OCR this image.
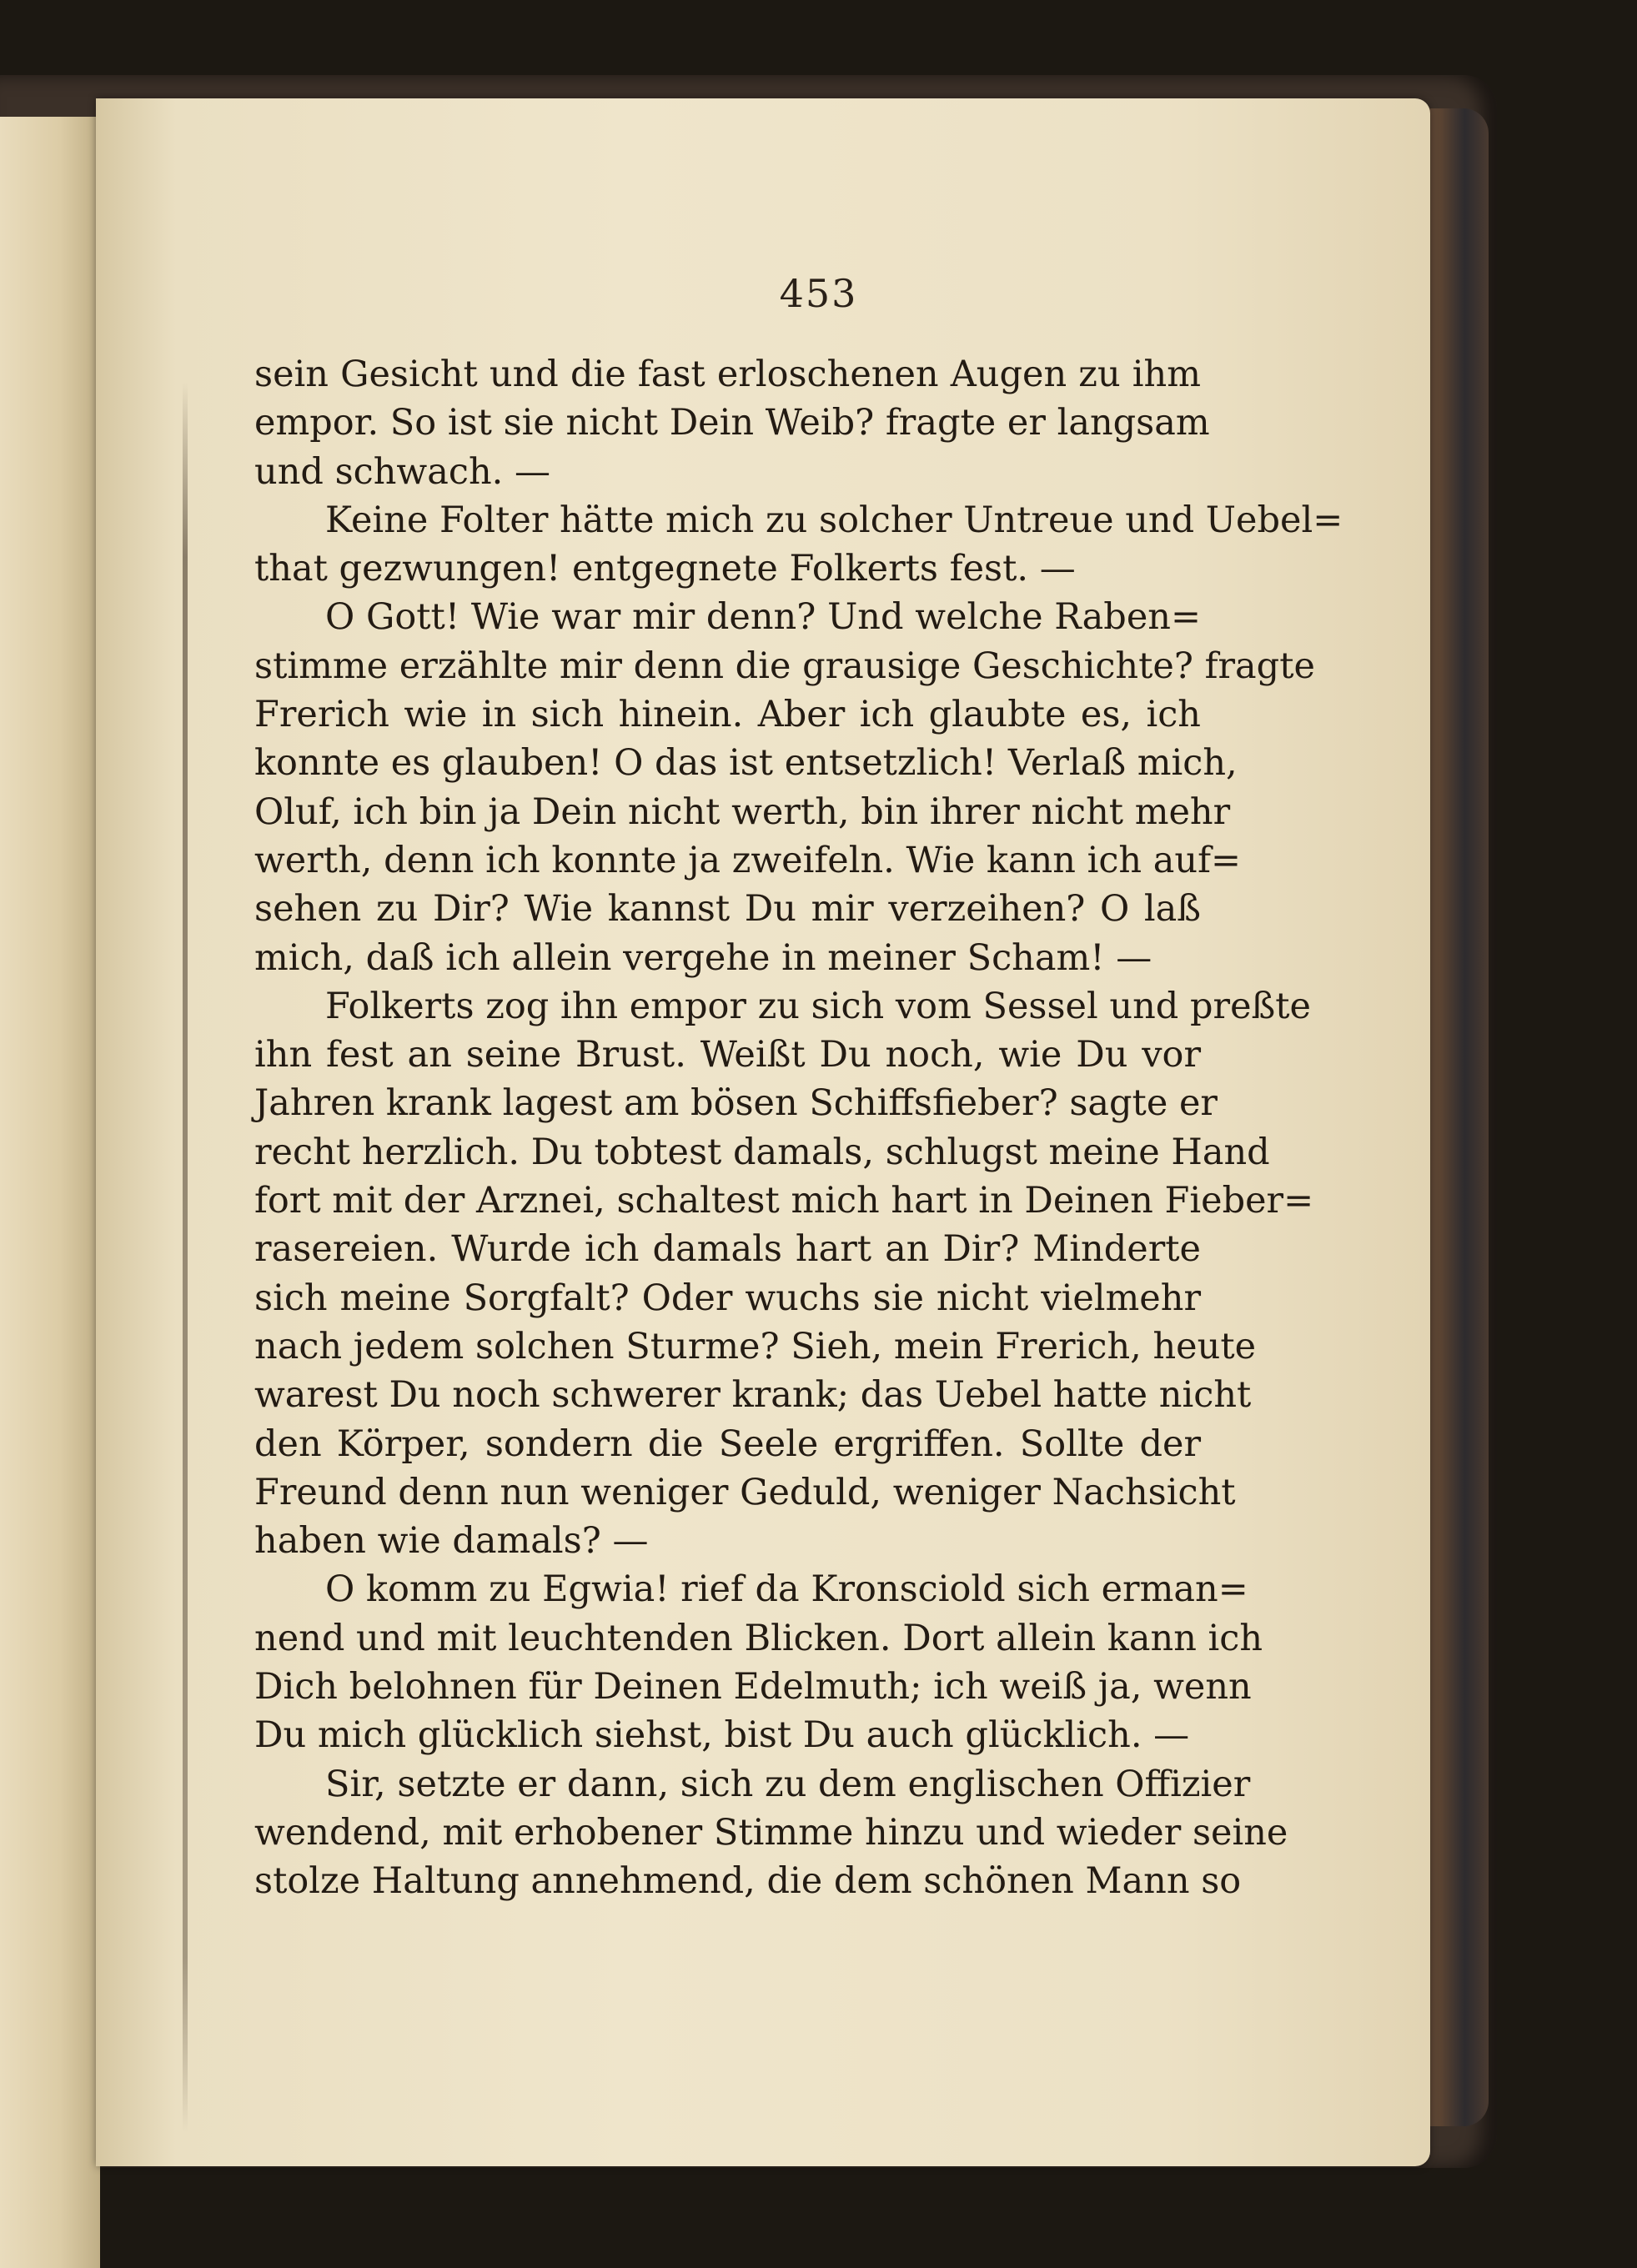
453
sein Gesicht und die fast erloschenen Augen zu ihm
empor. So ist sie nicht Dein Weib? fragte er langsam
und schwach. —
Keine Folter hätte mich zu solcher Untreue und Uebel=
that gezwungen! entgegnete Folkerts fest. —
O Gott! Wie war mir denn? Und welche Raben=
stimme erzählte mir denn die grausige Geschichte? fragte
Frerich wie in sich hinein. Aber ich glaubte es, ich
konnte es glauben! O das ist entsetzlich! Verlaß mich,
Oluf, ich bin ja Dein nicht werth, bin ihrer nicht mehr
werth, denn ich konnte ja zweifeln. Wie kann ich auf=
sehen zu Dir? Wie kannst Du mir verzeihen? O laß
mich, daß ich allein vergehe in meiner Scham! —
Folkerts zog ihn empor zu sich vom Sessel und preßte
ihn fest an seine Brust. Weißt Du noch, wie Du vor
Jahren krank lagest am bösen Schiffsfieber? sagte er
recht herzlich. Du tobtest damals, schlugst meine Hand
fort mit der Arznei, schaltest mich hart in Deinen Fieber=
rasereien. Wurde ich damals hart an Dir? Minderte
sich meine Sorgfalt? Oder wuchs sie nicht vielmehr
nach jedem solchen Sturme? Sieh, mein Frerich, heute
warest Du noch schwerer krank; das Uebel hatte nicht
den Körper, sondern die Seele ergriffen. Sollte der
Freund denn nun weniger Geduld, weniger Nachsicht
haben wie damals? —
O komm zu Egwia! rief da Kronsciold sich erman=
nend und mit leuchtenden Blicken. Dort allein kann ich
Dich belohnen für Deinen Edelmuth; ich weiß ja, wenn
Du mich glücklich siehst, bist Du auch glücklich. —
Sir, setzte er dann, sich zu dem englischen Offizier
wendend, mit erhobener Stimme hinzu und wieder seine
stolze Haltung annehmend, die dem schönen Mann so
